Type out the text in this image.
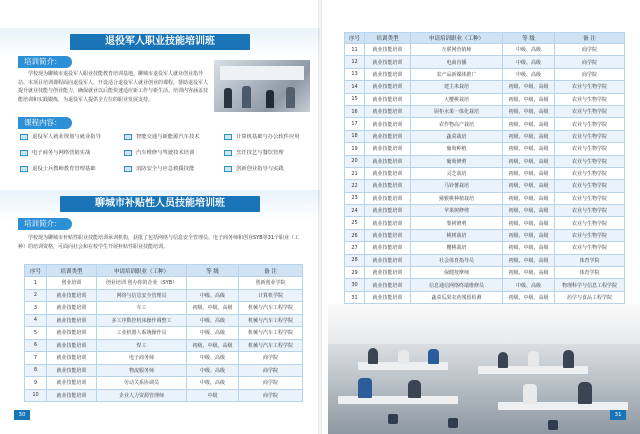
退役军人职业技能培训班
培训简介：
学校现为聊城市退役军人职业技能教育培训基地。聊城市退役军人就业创业指导站。本项目培训课程面向退役军人，开设适合退役军人就业创业的课程，帮助退役军人提升就业技能与创业能力，确保就业以后能快速适应新工作与新生活。培训内容涵盖技能培训和实践锻炼，为退役军人提供全方位的职业发展支持。
课程内容：
退役军人就业规划与就业指导	智能交通与新能源汽车技术	计算机基础与办公软件应用
电子商务与网络营销实战	汽车维修与驾驶技术培训	烹饪技艺与餐饮管理
退役士兵教师教育管理基础	消防安全与应急救援技能	创新创业指导与实践
聊城市补贴性人员技能培训班
培训简介：
学校现为聊城市补贴性职业技能培训承训机构，获批了包括网络与信息安全管理员、电子商务师和创业SYB等31个职业（工种）的培训资格，可面向社会和在校学生开展补贴性职业技能培训。
序号	培训类型	申请培训职业（工种）	等 级	备 注
1	创业培训	创业培训 创办你的企业（SYB）		创新创业学院
2	就业技能培训	网络与信息安全管理员	中级、高级	计算机学院
3	就业技能培训	车工	初级、中级、高级	机械与汽车工程学院
4	就业技能培训	多工序数控机床操作调整工	中级、高级	机械与汽车工程学院
5	就业技能培训	工业机器人系统操作员	中级、高级	机械与汽车工程学院
6	就业技能培训	焊工	初级、中级、高级	机械与汽车工程学院
7	就业技能培训	电子商务师	中级、高级	商学院
8	就业技能培训	物流服务师	中级、高级	商学院
9	就业技能培训	劳动关系协调员	中级、高级	商学院
10	就业技能培训	企业人力资源管理师	中级	商学院
30
序号	培训类型	申请培训职业（工种）	等 级	备 注
11	就业技能培训	互联网营销师	中级、高级	商学院
12	就业技能培训	电商直播	中级、高级	商学院
13	就业技能培训	农产品新媒体推广	中级、高级	商学院
14	就业技能培训	建主米栽培	初级、中级、高级	农业与生物学院
15	就业技能培训	大樱桃栽培	初级、中级、高级	农业与生物学院
16	就业技能培训	厨柜水果一体化栽培	初级、中级、高级	农业与生物学院
17	就业技能培训	农作物高产栽培	初级、中级、高级	农业与生物学院
18	就业技能培训	蔬菜栽培	初级、中级、高级	农业与生物学院
19	就业技能培训	葡萄种植	初级、中级、高级	农业与生物学院
20	就业技能培训	葡萄修剪	初级、中级、高级	农业与生物学院
21	就业技能培训	灵芝栽培	初级、中级、高级	农业与生物学院
22	就业技能培训	马铃薯栽培	初级、中级、高级	农业与生物学院
23	就业技能培训	猕猴桃种植栽培	初级、中级、高级	农业与生物学院
24	就业技能培训	苹果树修剪	初级、中级、高级	农业与生物学院
25	就业技能培训	梨树修剪	初级、中级、高级	农业与生物学院
26	就业技能培训	桃树栽培	初级、中级、高级	农业与生物学院
27	就业技能培训	樱桃栽培	初级、中级、高级	农业与生物学院
28	就业技能培训	社会体育指导员	初级、中级、高级	体育学院
29	就业技能培训	保健按摩师	初级、中级、高级	体育学院
30	就业技能培训	信息通信网络终端维修员	中级、高级	物理科学与信息工程学院
31	就业技能培训	蔬菜瓜果农药残留检测	初级、中级、高级	药学与食品工程学院
31
